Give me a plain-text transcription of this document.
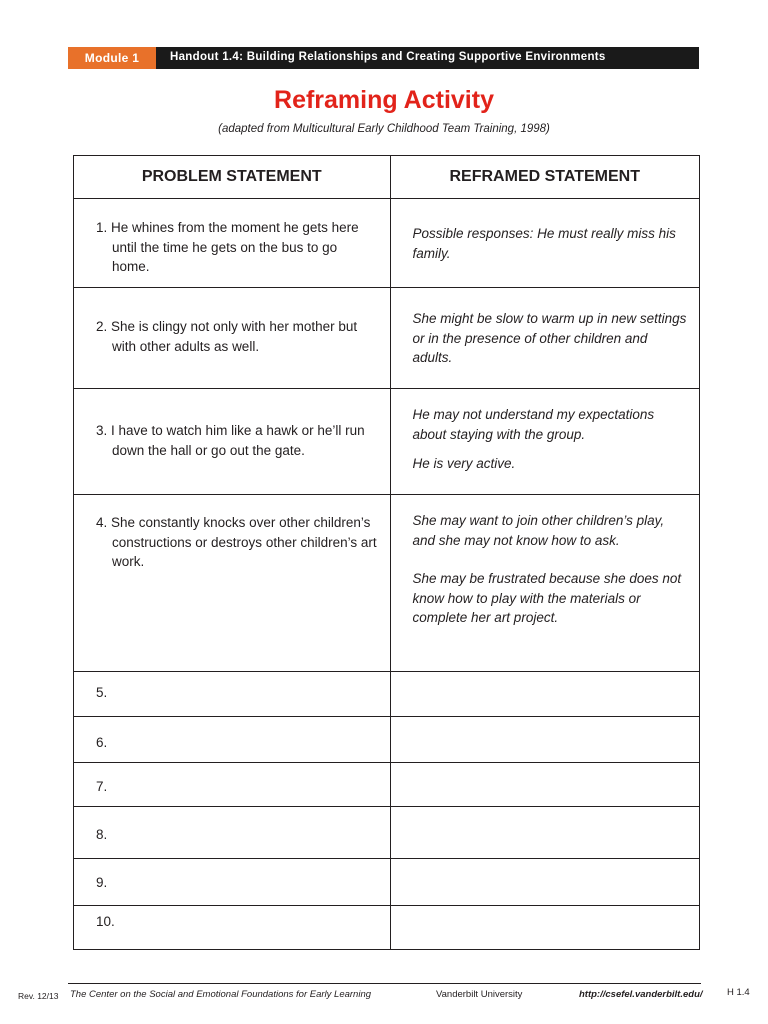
Module 1	Handout 1.4: Building Relationships and Creating Supportive Environments
Reframing Activity
(adapted from Multicultural Early Childhood Team Training, 1998)
PROBLEM STATEMENT	REFRAMED STATEMENT

1. He whines from the moment he gets here until the time he gets on the bus to go home.	Possible responses: He must really miss his family.

2. She is clingy not only with her mother but with other adults as well.	She might be slow to warm up in new settings or in the presence of other children and adults.

3. I have to watch him like a hawk or he’ll run down the hall or go out the gate.	He may not understand my expectations about staying with the group.

He is very active.

4. She constantly knocks over other children’s constructions or destroys other children’s art work.	She may want to join other children’s play, and she may not know how to ask.

She may be frustrated because she does not know how to play with the materials or complete her art project.

5.	

6.	

7.	

8.	

9.	

10.	

Rev. 12/13 The Center on the Social and Emotional Foundations for Early Learning	Vanderbilt University	http://csefel.vanderbilt.edu/	H 1.4
